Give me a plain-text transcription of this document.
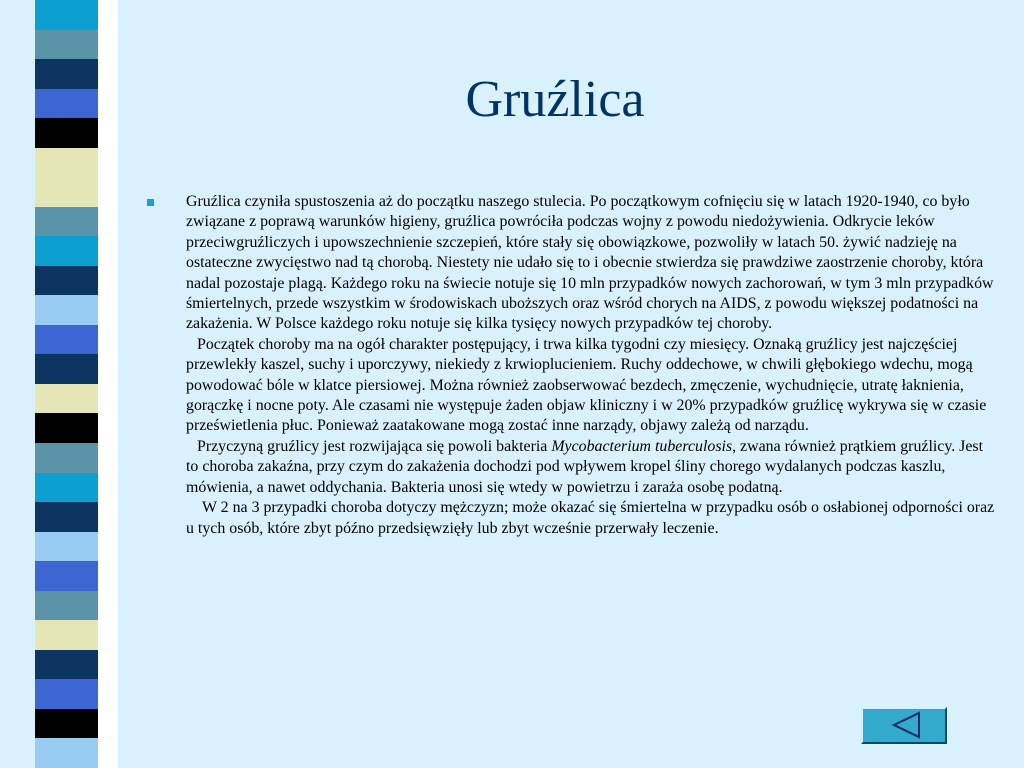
Gruźlica

Gruźlica czyniła spustoszenia aż do początku naszego stulecia. Po początkowym cofnięciu się w latach 1920-1940, co było związane z poprawą warunków higieny, gruźlica powróciła podczas wojny z powodu niedożywienia. Odkrycie leków przeciwgruźliczych i upowszechnienie szczepień, które stały się obowiązkowe, pozwoliły w latach 50. żywić nadzieję na ostateczne zwycięstwo nad tą chorobą. Niestety nie udało się to i obecnie stwierdza się prawdziwe zaostrzenie choroby, która nadal pozostaje plagą. Każdego roku na świecie notuje się 10 mln przypadków nowych zachorowań, w tym 3 mln przypadków śmiertelnych, przede wszystkim w środowiskach uboższych oraz wśród chorych na AIDS, z powodu większej podatności na zakażenia. W Polsce każdego roku notuje się kilka tysięcy nowych przypadków tej choroby.

Początek choroby ma na ogół charakter postępujący, i trwa kilka tygodni czy miesięcy. Oznaką gruźlicy jest najczęściej przewlekły kaszel, suchy i uporczywy, niekiedy z krwioplucieniem. Ruchy oddechowe, w chwili głębokiego wdechu, mogą powodować bóle w klatce piersiowej. Można również zaobserwować bezdech, zmęczenie, wychudnięcie, utratę łaknienia, gorączkę i nocne poty. Ale czasami nie występuje żaden objaw kliniczny i w 20% przypadków gruźlicę wykrywa się w czasie prześwietlenia płuc. Ponieważ zaatakowane mogą zostać inne narządy, objawy zależą od narządu.

Przyczyną gruźlicy jest rozwijająca się powoli bakteria Mycobacterium tuberculosis, zwana również prątkiem gruźlicy. Jest to choroba zakaźna, przy czym do zakażenia dochodzi pod wpływem kropel śliny chorego wydalanych podczas kaszlu, mówienia, a nawet oddychania. Bakteria unosi się wtedy w powietrzu i zaraża osobę podatną.

W 2 na 3 przypadki choroba dotyczy mężczyzn; może okazać się śmiertelna w przypadku osób o osłabionej odporności oraz u tych osób, które zbyt późno przedsięwzięły lub zbyt wcześnie przerwały leczenie.
